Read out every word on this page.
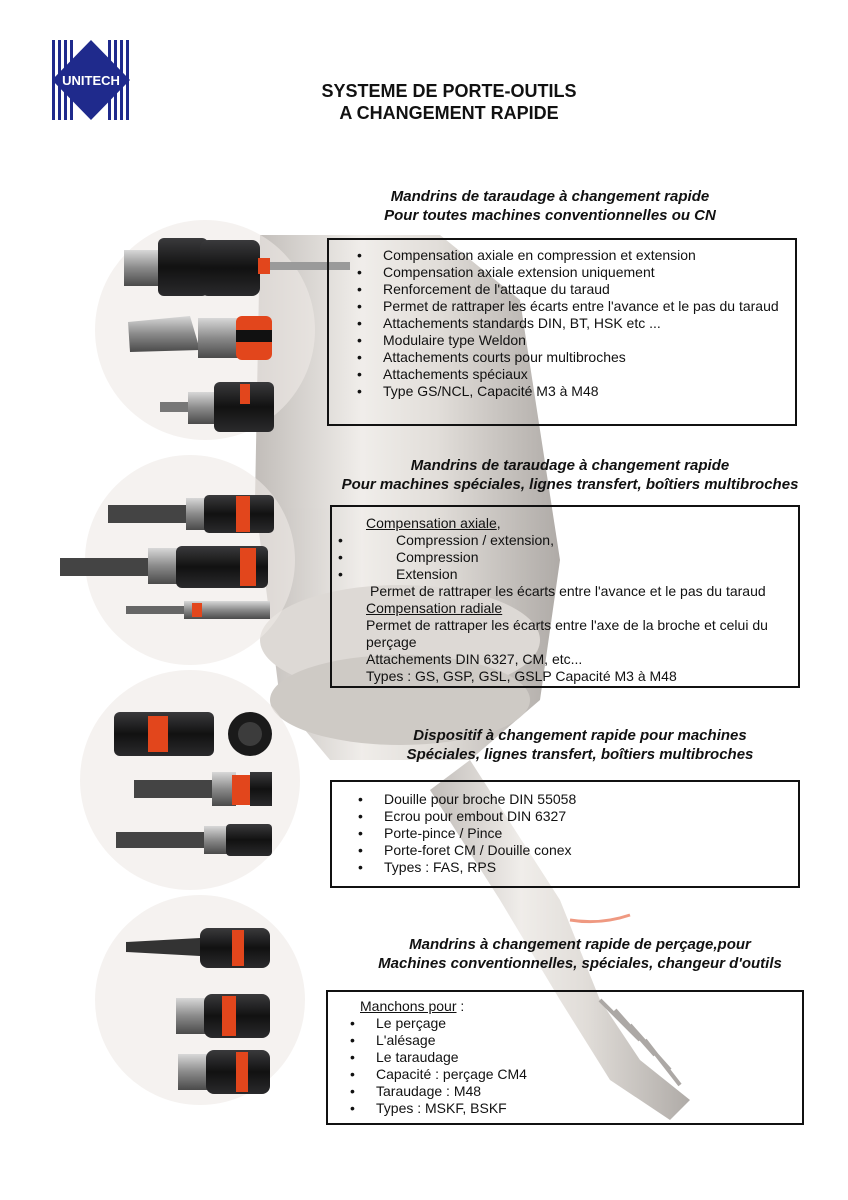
UNITECH
SYSTEME DE PORTE-OUTILS
A CHANGEMENT RAPIDE
Mandrins de taraudage à changement rapide
Pour toutes machines conventionnelles ou CN
• Compensation axiale en compression et extension
• Compensation axiale extension uniquement
• Renforcement de l'attaque du taraud
• Permet de rattraper les écarts entre l'avance et le pas du taraud
• Attachements standards DIN, BT, HSK etc ...
• Modulaire type Weldon
• Attachements courts pour multibroches
• Attachements spéciaux
• Type GS/NCL, Capacité M3 à M48
Mandrins de taraudage à changement rapide
Pour machines spéciales, lignes transfert, boîtiers multibroches
Compensation axiale,
• Compression / extension,
• Compression
• Extension
Permet de rattraper les écarts entre l'avance et le pas du taraud
Compensation radiale
Permet de rattraper les écarts entre l'axe de la broche et celui du perçage
Attachements DIN 6327, CM, etc...
Types : GS, GSP, GSL, GSLP Capacité M3 à M48
Dispositif à changement rapide pour machines
Spéciales, lignes transfert, boîtiers multibroches
• Douille pour broche DIN 55058
• Ecrou pour embout DIN 6327
• Porte-pince / Pince
• Porte-foret CM / Douille conex
• Types : FAS, RPS
Mandrins à changement rapide de perçage,pour
Machines conventionnelles, spéciales, changeur d'outils
Manchons pour :
• Le perçage
• L'alésage
• Le taraudage
• Capacité : perçage CM4
• Taraudage : M48
• Types : MSKF, BSKF
